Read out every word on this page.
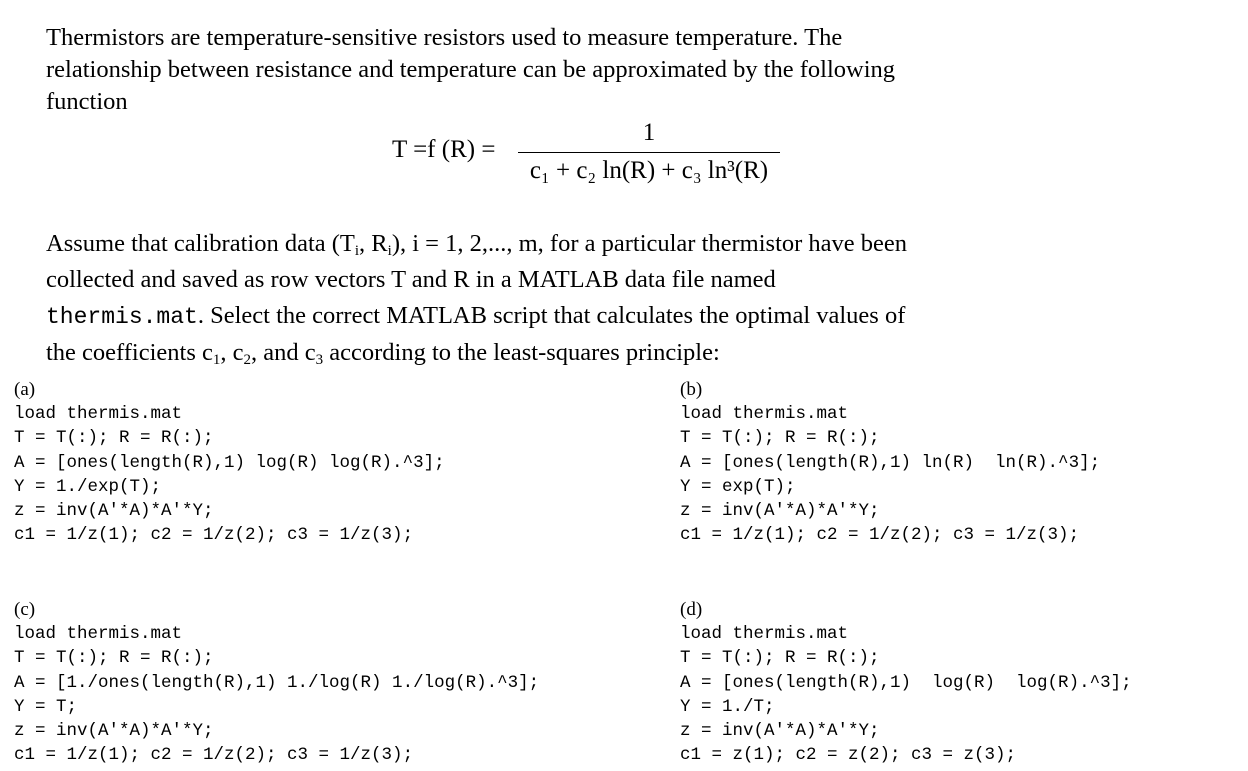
Thermistors are temperature-sensitive resistors used to measure temperature. The
relationship between resistance and temperature can be approximated by the following
function
T =f (R) =
1
c₁ + c₂ ln(R) + c₃ ln³(R)
Assume that calibration data ($T_i$, $R_i$), i = 1, 2,..., m, for a particular thermistor have been
collected and saved as row vectors T and R in a MATLAB data file named
thermis.mat. Select the correct MATLAB script that calculates the optimal values of
the coefficients $c_1$, $c_2$, and $c_3$ according to the least-squares principle:
(a)
load thermis.mat
T = T(:); R = R(:);
A = [ones(length(R),1) log(R) log(R).^3];
Y = 1./exp(T);
z = inv(A'*A)*A'*Y;
c1 = 1/z(1); c2 = 1/z(2); c3 = 1/z(3);
(b)
load thermis.mat
T = T(:); R = R(:);
A = [ones(length(R),1) ln(R)  ln(R).^3];
Y = exp(T);
z = inv(A'*A)*A'*Y;
c1 = 1/z(1); c2 = 1/z(2); c3 = 1/z(3);
(c)
load thermis.mat
T = T(:); R = R(:);
A = [1./ones(length(R),1) 1./log(R) 1./log(R).^3];
Y = T;
z = inv(A'*A)*A'*Y;
c1 = 1/z(1); c2 = 1/z(2); c3 = 1/z(3);
(d)
load thermis.mat
T = T(:); R = R(:);
A = [ones(length(R),1)  log(R)  log(R).^3];
Y = 1./T;
z = inv(A'*A)*A'*Y;
c1 = z(1); c2 = z(2); c3 = z(3);
